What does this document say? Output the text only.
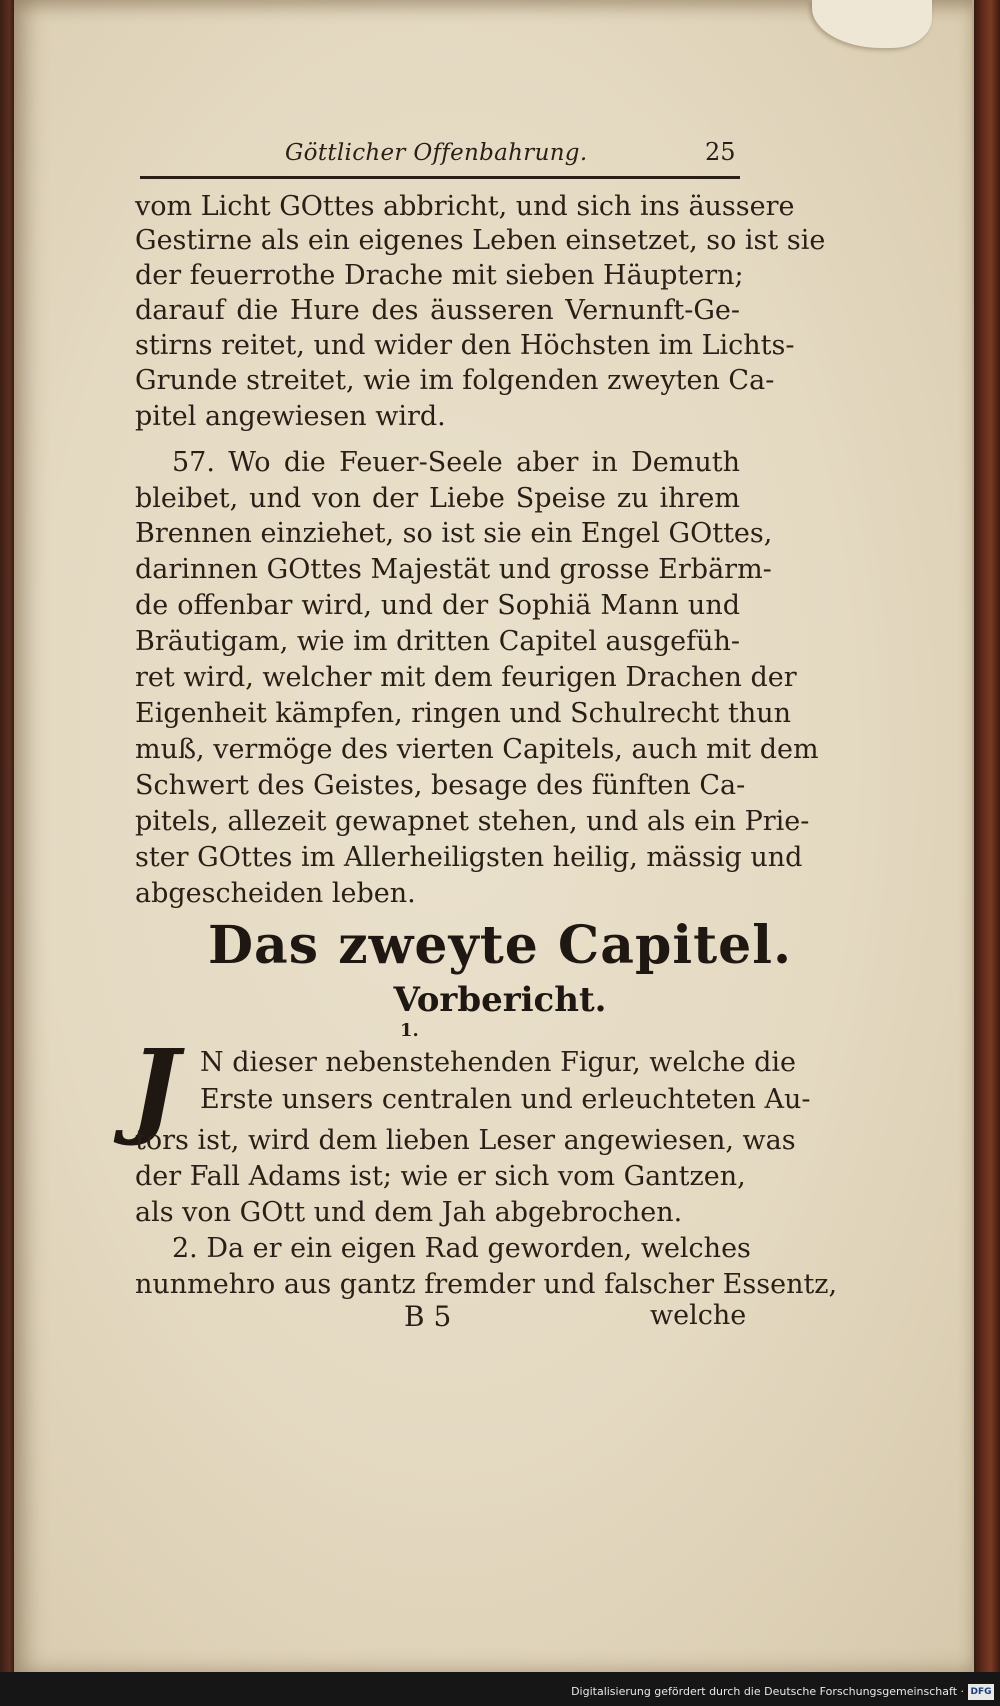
Göttlicher Offenbahrung.	25
vom Licht GOttes abbricht, und sich ins äussere
Gestirne als ein eigenes Leben einsetzet, so ist sie
der feuerrothe Drache mit sieben Häuptern;
darauf die Hure des äusseren Vernunft-Ge-
stirns reitet, und wider den Höchsten im Lichts-
Grunde streitet, wie im folgenden zweyten Ca-
pitel angewiesen wird.
57. Wo die Feuer-Seele aber in Demuth
bleibet, und von der Liebe Speise zu ihrem
Brennen einziehet, so ist sie ein Engel GOttes,
darinnen GOttes Majestät und grosse Erbärm-
de offenbar wird, und der Sophiä Mann und
Bräutigam, wie im dritten Capitel ausgefüh-
ret wird, welcher mit dem feurigen Drachen der
Eigenheit kämpfen, ringen und Schulrecht thun
muß, vermöge des vierten Capitels, auch mit dem
Schwert des Geistes, besage des fünften Ca-
pitels, allezeit gewapnet stehen, und als ein Prie-
ster GOttes im Allerheiligsten heilig, mässig und
abgescheiden leben.
Das zweyte Capitel.
Vorbericht.
1.
J N dieser nebenstehenden Figur, welche die
Erste unsers centralen und erleuchteten Au-
tors ist, wird dem lieben Leser angewiesen, was
der Fall Adams ist; wie er sich vom Gantzen,
als von GOtt und dem Jah abgebrochen.
2. Da er ein eigen Rad geworden, welches
nunmehro aus gantz fremder und falscher Essentz,
B 5	welche
Digitalisierung gefördert durch die Deutsche Forschungsgemeinschaft · DFG
